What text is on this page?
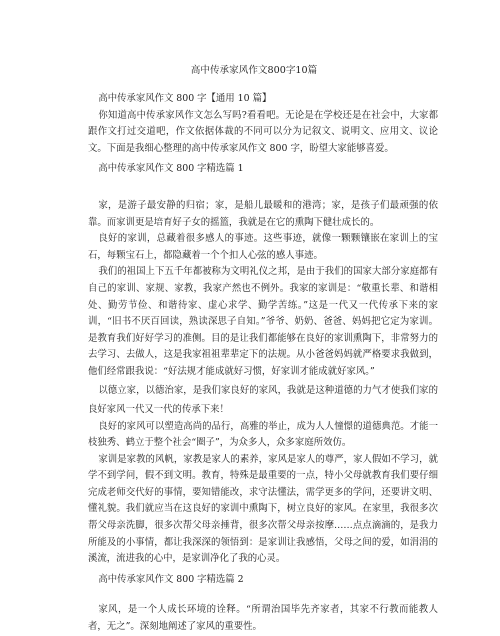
高中传承家风作文800字10篇

高中传承家风作文 800 字【通用 10 篇】

你知道高中传承家风作文怎么写吗?看看吧。无论是在学校还是在社会中，大家都跟作文打过交道吧，作文依据体裁的不同可以分为记叙文、说明文、应用文、议论文。下面是我细心整理的高中传承家风作文 800 字，盼望大家能够喜爱。

高中传承家风作文 800 字精选篇 1

家，是游子最安静的归宿；家，是船儿最暖和的港湾；家，是孩子们最顽强的依靠。而家训更是培育好子女的摇篮，我就是在它的熏陶下健壮成长的。

良好的家训，总藏着很多感人的事迹。这些事迹，就像一颗颗镶嵌在家训上的宝石，每颗宝石上，都隐藏着一个个扣人心弦的感人事迹。

我们的祖国上下五千年都被称为文明礼仪之邦，是由于我们的国家大部分家庭都有自己的家训、家规、家教，我家产然也不例外。我家的家训是：“敬重长辈、和谐相处、勤劳节俭、和谐待家、虚心求学、勤学苦练。”这是一代又一代传承下来的家训，“旧书不厌百回读，熟读深思子自知。”爷爷、奶奶、爸爸、妈妈把它定为家训。是教育我们好好学习的准侧。目的是让我们都能够在良好的家训熏陶下，非常努力的去学习、去做人，这是我家祖祖辈辈定下的法规。从小爸爸妈妈就严格要求我做到，他们经常跟我说：“好法规才能成就好习惯，好家训才能成就好家风。”

以德立家，以德治家，是我们家良好的家风，我就是这种道德的力气才使我们家的良好家风一代又一代的传承下来！

良好的家风可以塑造高尚的品行，高雅的举止，成为人人憧憬的道德典范。才能一枝独秀、鹤立于整个社会“圈子”，为众多人，众多家庭所效仿。

家训是家教的风帆，家教是家人的素养，家风是家人的尊严，家人假如不学习，就学不到学问，假不到文明。教育，特殊是最重要的一点，特小父母就教育我们要仔细完成老师交代好的事情，要知错能改，求守法懂法，需学更多的学问，还要讲文明、懂礼貌。我们就应当在这良好的家训中熏陶下，树立良好的家风。在家里，我很多次帮父母亲洗脚，很多次帮父母亲捶背，很多次帮父母亲按摩……点点滴滴的，是我力所能及的小事情，都让我深深的领悟到：是家训让我感悟，父母之间的爱，如涓涓的溪流，流进我的心中，是家训净化了我的心灵。

高中传承家风作文 800 字精选篇 2

家风，是一个人成长环境的诠释。“所谓治国毕先齐家者，其家不行教而能教人者，无之”。深刻地阐述了家风的重要性。
